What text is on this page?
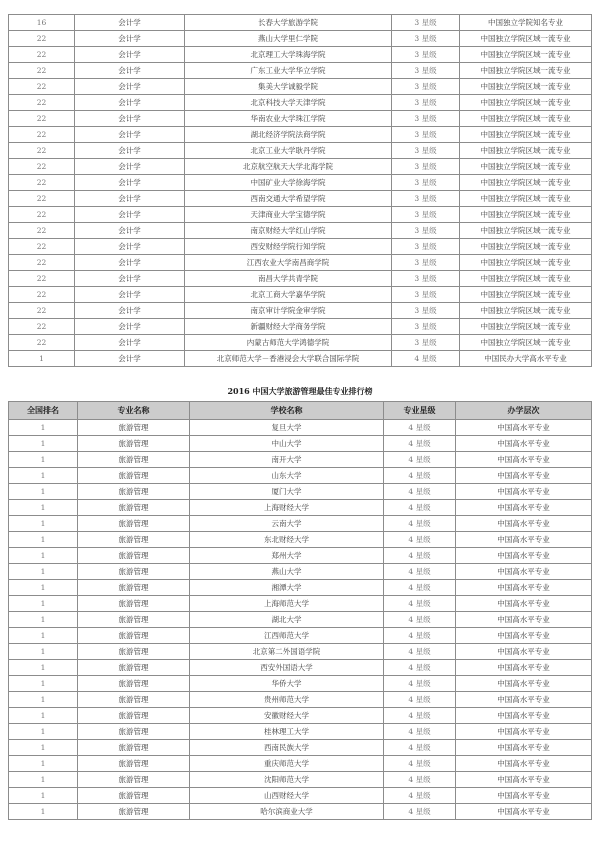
16	会计学	长春大学旅游学院	3 星级	中国独立学院知名专业
22	会计学	燕山大学里仁学院	3 星级	中国独立学院区域一流专业
22	会计学	北京理工大学珠海学院	3 星级	中国独立学院区域一流专业
22	会计学	广东工业大学华立学院	3 星级	中国独立学院区域一流专业
22	会计学	集美大学诚毅学院	3 星级	中国独立学院区域一流专业
22	会计学	北京科技大学天津学院	3 星级	中国独立学院区域一流专业
22	会计学	华南农业大学珠江学院	3 星级	中国独立学院区域一流专业
22	会计学	湖北经济学院法商学院	3 星级	中国独立学院区域一流专业
22	会计学	北京工业大学耿丹学院	3 星级	中国独立学院区域一流专业
22	会计学	北京航空航天大学北海学院	3 星级	中国独立学院区域一流专业
22	会计学	中国矿业大学徐海学院	3 星级	中国独立学院区域一流专业
22	会计学	西南交通大学希望学院	3 星级	中国独立学院区域一流专业
22	会计学	天津商业大学宝德学院	3 星级	中国独立学院区域一流专业
22	会计学	南京财经大学红山学院	3 星级	中国独立学院区域一流专业
22	会计学	西安财经学院行知学院	3 星级	中国独立学院区域一流专业
22	会计学	江西农业大学南昌商学院	3 星级	中国独立学院区域一流专业
22	会计学	南昌大学共青学院	3 星级	中国独立学院区域一流专业
22	会计学	北京工商大学嘉华学院	3 星级	中国独立学院区域一流专业
22	会计学	南京审计学院金审学院	3 星级	中国独立学院区域一流专业
22	会计学	新疆财经大学商务学院	3 星级	中国独立学院区域一流专业
22	会计学	内蒙古师范大学鸿德学院	3 星级	中国独立学院区域一流专业
1	会计学	北京师范大学－香港浸会大学联合国际学院	4 星级	中国民办大学高水平专业
2016 中国大学旅游管理最佳专业排行榜
全国排名	专业名称	学校名称	专业星级	办学层次
1	旅游管理	复旦大学	4 星级	中国高水平专业
1	旅游管理	中山大学	4 星级	中国高水平专业
1	旅游管理	南开大学	4 星级	中国高水平专业
1	旅游管理	山东大学	4 星级	中国高水平专业
1	旅游管理	厦门大学	4 星级	中国高水平专业
1	旅游管理	上海财经大学	4 星级	中国高水平专业
1	旅游管理	云南大学	4 星级	中国高水平专业
1	旅游管理	东北财经大学	4 星级	中国高水平专业
1	旅游管理	郑州大学	4 星级	中国高水平专业
1	旅游管理	燕山大学	4 星级	中国高水平专业
1	旅游管理	湘潭大学	4 星级	中国高水平专业
1	旅游管理	上海师范大学	4 星级	中国高水平专业
1	旅游管理	湖北大学	4 星级	中国高水平专业
1	旅游管理	江西师范大学	4 星级	中国高水平专业
1	旅游管理	北京第二外国语学院	4 星级	中国高水平专业
1	旅游管理	西安外国语大学	4 星级	中国高水平专业
1	旅游管理	华侨大学	4 星级	中国高水平专业
1	旅游管理	贵州师范大学	4 星级	中国高水平专业
1	旅游管理	安徽财经大学	4 星级	中国高水平专业
1	旅游管理	桂林理工大学	4 星级	中国高水平专业
1	旅游管理	西南民族大学	4 星级	中国高水平专业
1	旅游管理	重庆师范大学	4 星级	中国高水平专业
1	旅游管理	沈阳师范大学	4 星级	中国高水平专业
1	旅游管理	山西财经大学	4 星级	中国高水平专业
1	旅游管理	哈尔滨商业大学	4 星级	中国高水平专业
